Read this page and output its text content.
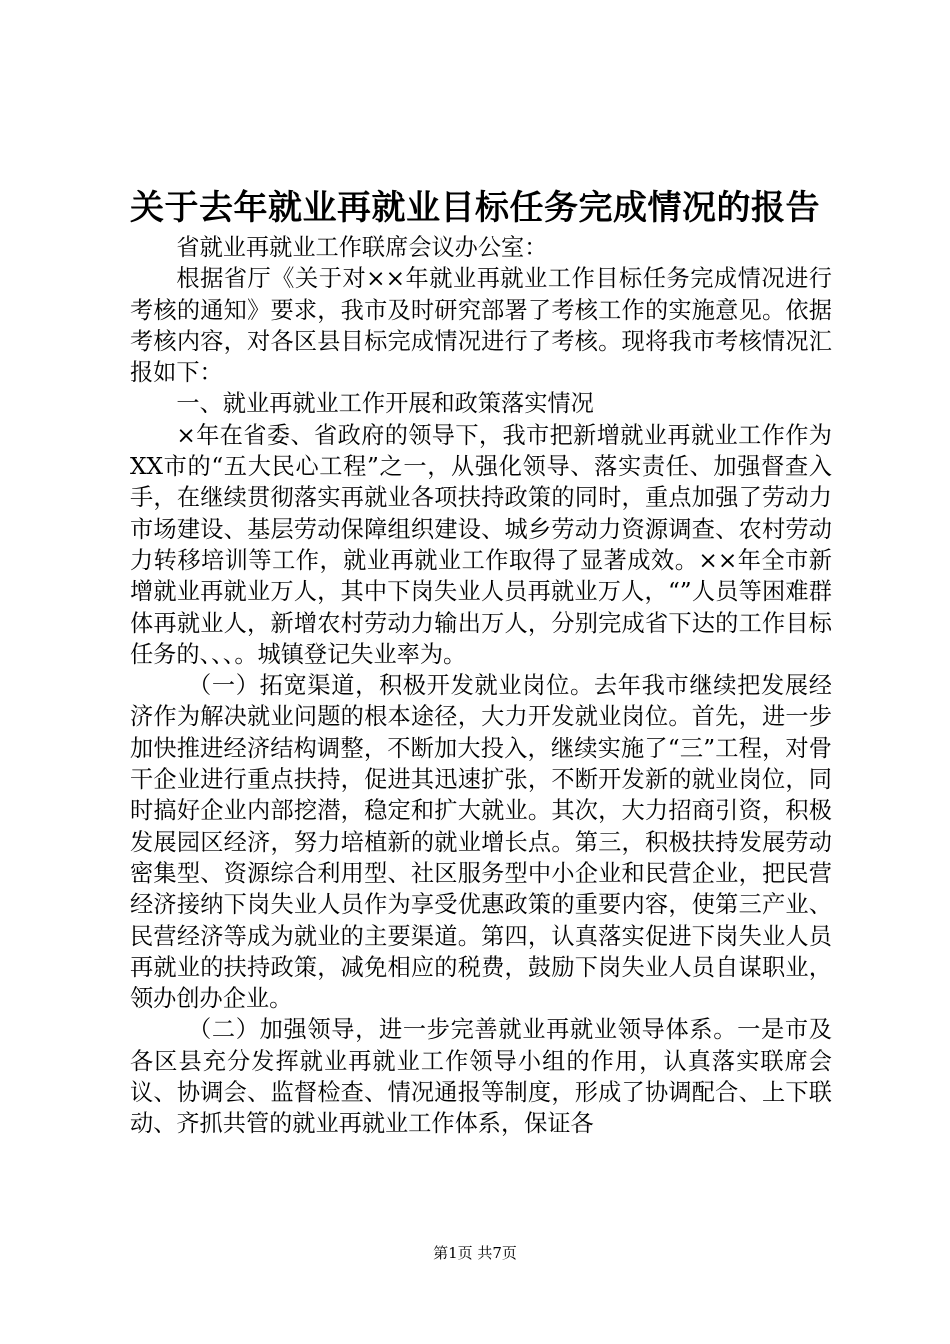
关于去年就业再就业目标任务完成情况的报告

省就业再就业工作联席会议办公室：

根据省厅《关于对××年就业再就业工作目标任务完成情况进行考核的通知》要求，我市及时研究部署了考核工作的实施意见。依据考核内容，对各区县目标完成情况进行了考核。现将我市考核情况汇报如下：

一、就业再就业工作开展和政策落实情况

×年在省委、省政府的领导下，我市把新增就业再就业工作作为XX市的“五大民心工程”之一，从强化领导、落实责任、加强督查入手，在继续贯彻落实再就业各项扶持政策的同时，重点加强了劳动力市场建设、基层劳动保障组织建设、城乡劳动力资源调查、农村劳动力转移培训等工作，就业再就业工作取得了显著成效。××年全市新增就业再就业万人，其中下岗失业人员再就业万人，“”人员等困难群体再就业人，新增农村劳动力输出万人，分别完成省下达的工作目标任务的、、、。城镇登记失业率为。

（一）拓宽渠道，积极开发就业岗位。去年我市继续把发展经济作为解决就业问题的根本途径，大力开发就业岗位。首先，进一步加快推进经济结构调整，不断加大投入，继续实施了“三”工程，对骨干企业进行重点扶持，促进其迅速扩张，不断开发新的就业岗位，同时搞好企业内部挖潜，稳定和扩大就业。其次，大力招商引资，积极发展园区经济，努力培植新的就业增长点。第三，积极扶持发展劳动密集型、资源综合利用型、社区服务型中小企业和民营企业，把民营经济接纳下岗失业人员作为享受优惠政策的重要内容，使第三产业、民营经济等成为就业的主要渠道。第四，认真落实促进下岗失业人员再就业的扶持政策，减免相应的税费，鼓励下岗失业人员自谋职业，领办创办企业。

（二）加强领导，进一步完善就业再就业领导体系。一是市及各区县充分发挥就业再就业工作领导小组的作用，认真落实联席会议、协调会、监督检查、情况通报等制度，形成了协调配合、上下联动、齐抓共管的就业再就业工作体系，保证各

第1页 共7页
